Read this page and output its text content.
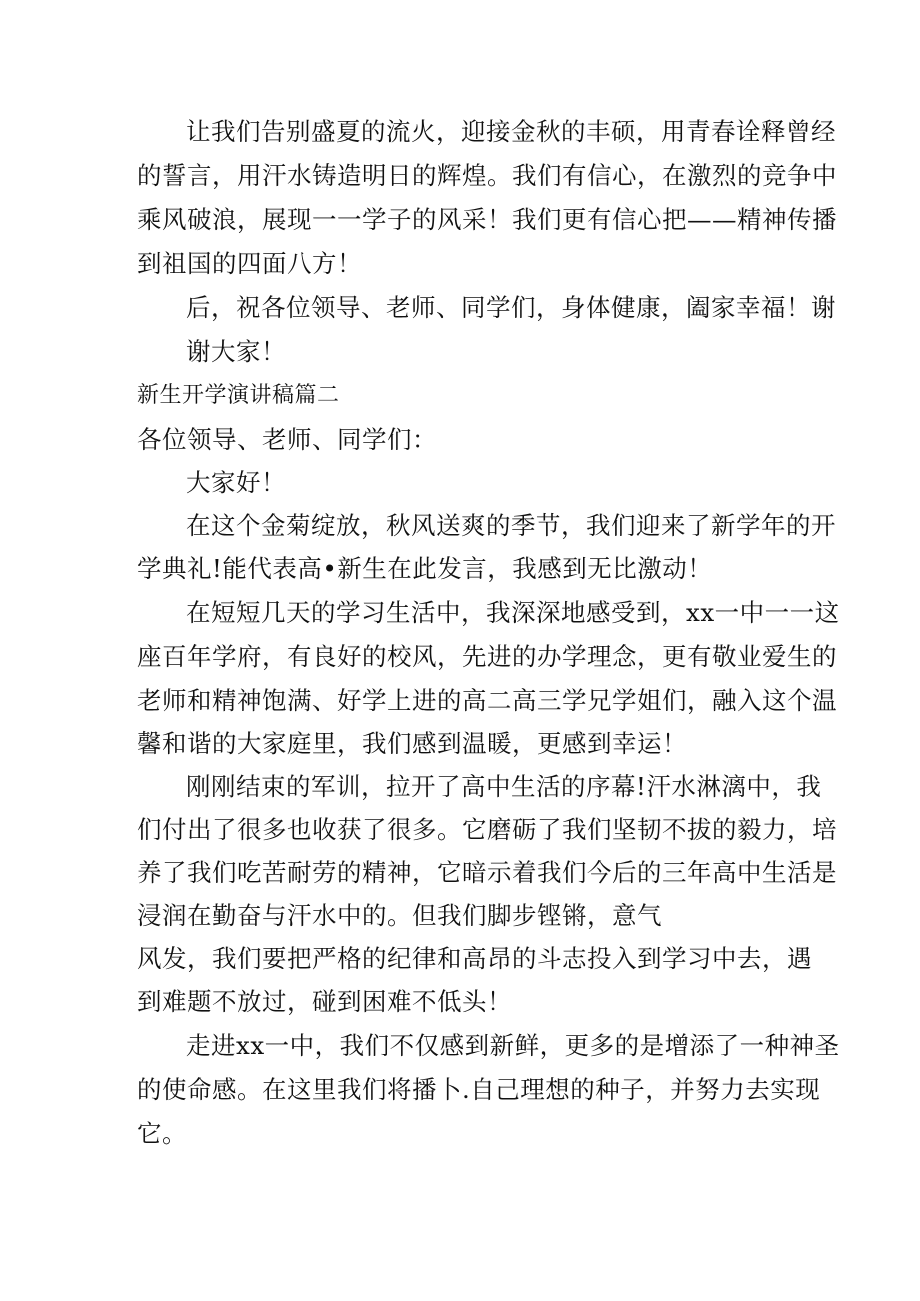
让我们告别盛夏的流火，迎接金秋的丰硕，用青春诠释曾经
的誓言，用汗水铸造明日的辉煌。我们有信心，在激烈的竞争中
乘风破浪，展现一一学子的风采！我们更有信心把——精神传播
到祖国的四面八方！
后，祝各位领导、老师、同学们，身体健康，阖家幸福！谢
谢大家！
新生开学演讲稿篇二
各位领导、老师、同学们：
大家好！
在这个金菊绽放，秋风送爽的季节，我们迎来了新学年的开
学典礼!能代表高•新生在此发言，我感到无比激动！
在短短几天的学习生活中，我深深地感受到，xx一中一一这
座百年学府，有良好的校风，先进的办学理念，更有敬业爱生的
老师和精神饱满、好学上进的高二高三学兄学姐们，融入这个温
馨和谐的大家庭里，我们感到温暖，更感到幸运！
刚刚结束的军训，拉开了高中生活的序幕!汗水淋漓中，我
们付出了很多也收获了很多。它磨砺了我们坚韧不拔的毅力，培
养了我们吃苦耐劳的精神，它暗示着我们今后的三年高中生活是
浸润在勤奋与汗水中的。但我们脚步铿锵，意气
风发，我们要把严格的纪律和高昂的斗志投入到学习中去，遇
到难题不放过，碰到困难不低头！
走进xx一中，我们不仅感到新鲜，更多的是增添了一种神圣
的使命感。在这里我们将播卜.自己理想的种子，并努力去实现
它。
